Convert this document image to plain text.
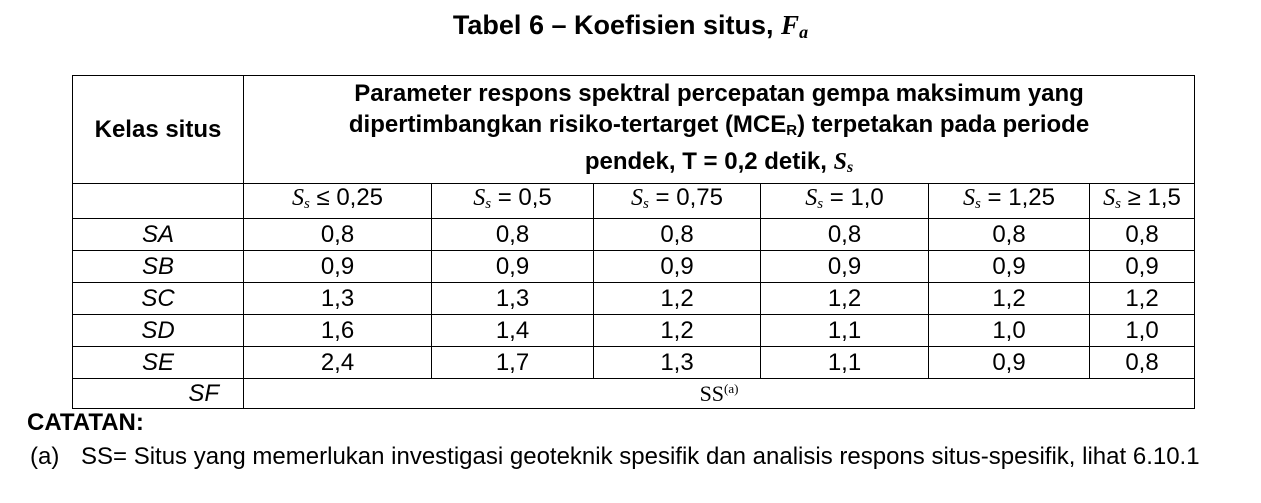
Tabel 6 – Koefisien situs, $F_a$
Kelas situs	Parameter respons spektral percepatan gempa maksimum yang
dipertimbangkan risiko-tertarget $(MCE_R)$ terpetakan pada periode
pendek, T = 0,2 detik, $S_s$

	$S_s \le 0,25$	$S_s = 0,5$	$S_s = 0,75$	$S_s = 1,0$	$S_s = 1,25$	$S_s \ge 1,5$
SA	0,8	0,8	0,8	0,8	0,8	0,8
SB	0,9	0,9	0,9	0,9	0,9	0,9
SC	1,3	1,3	1,2	1,2	1,2	1,2
SD	1,6	1,4	1,2	1,1	1,0	1,0
SE	2,4	1,7	1,3	1,1	0,9	0,8
SF	SS$^{(a)}$
CATATAN:
(a) SS= Situs yang memerlukan investigasi geoteknik spesifik dan analisis respons situs-spesifik, lihat 6.10.1
